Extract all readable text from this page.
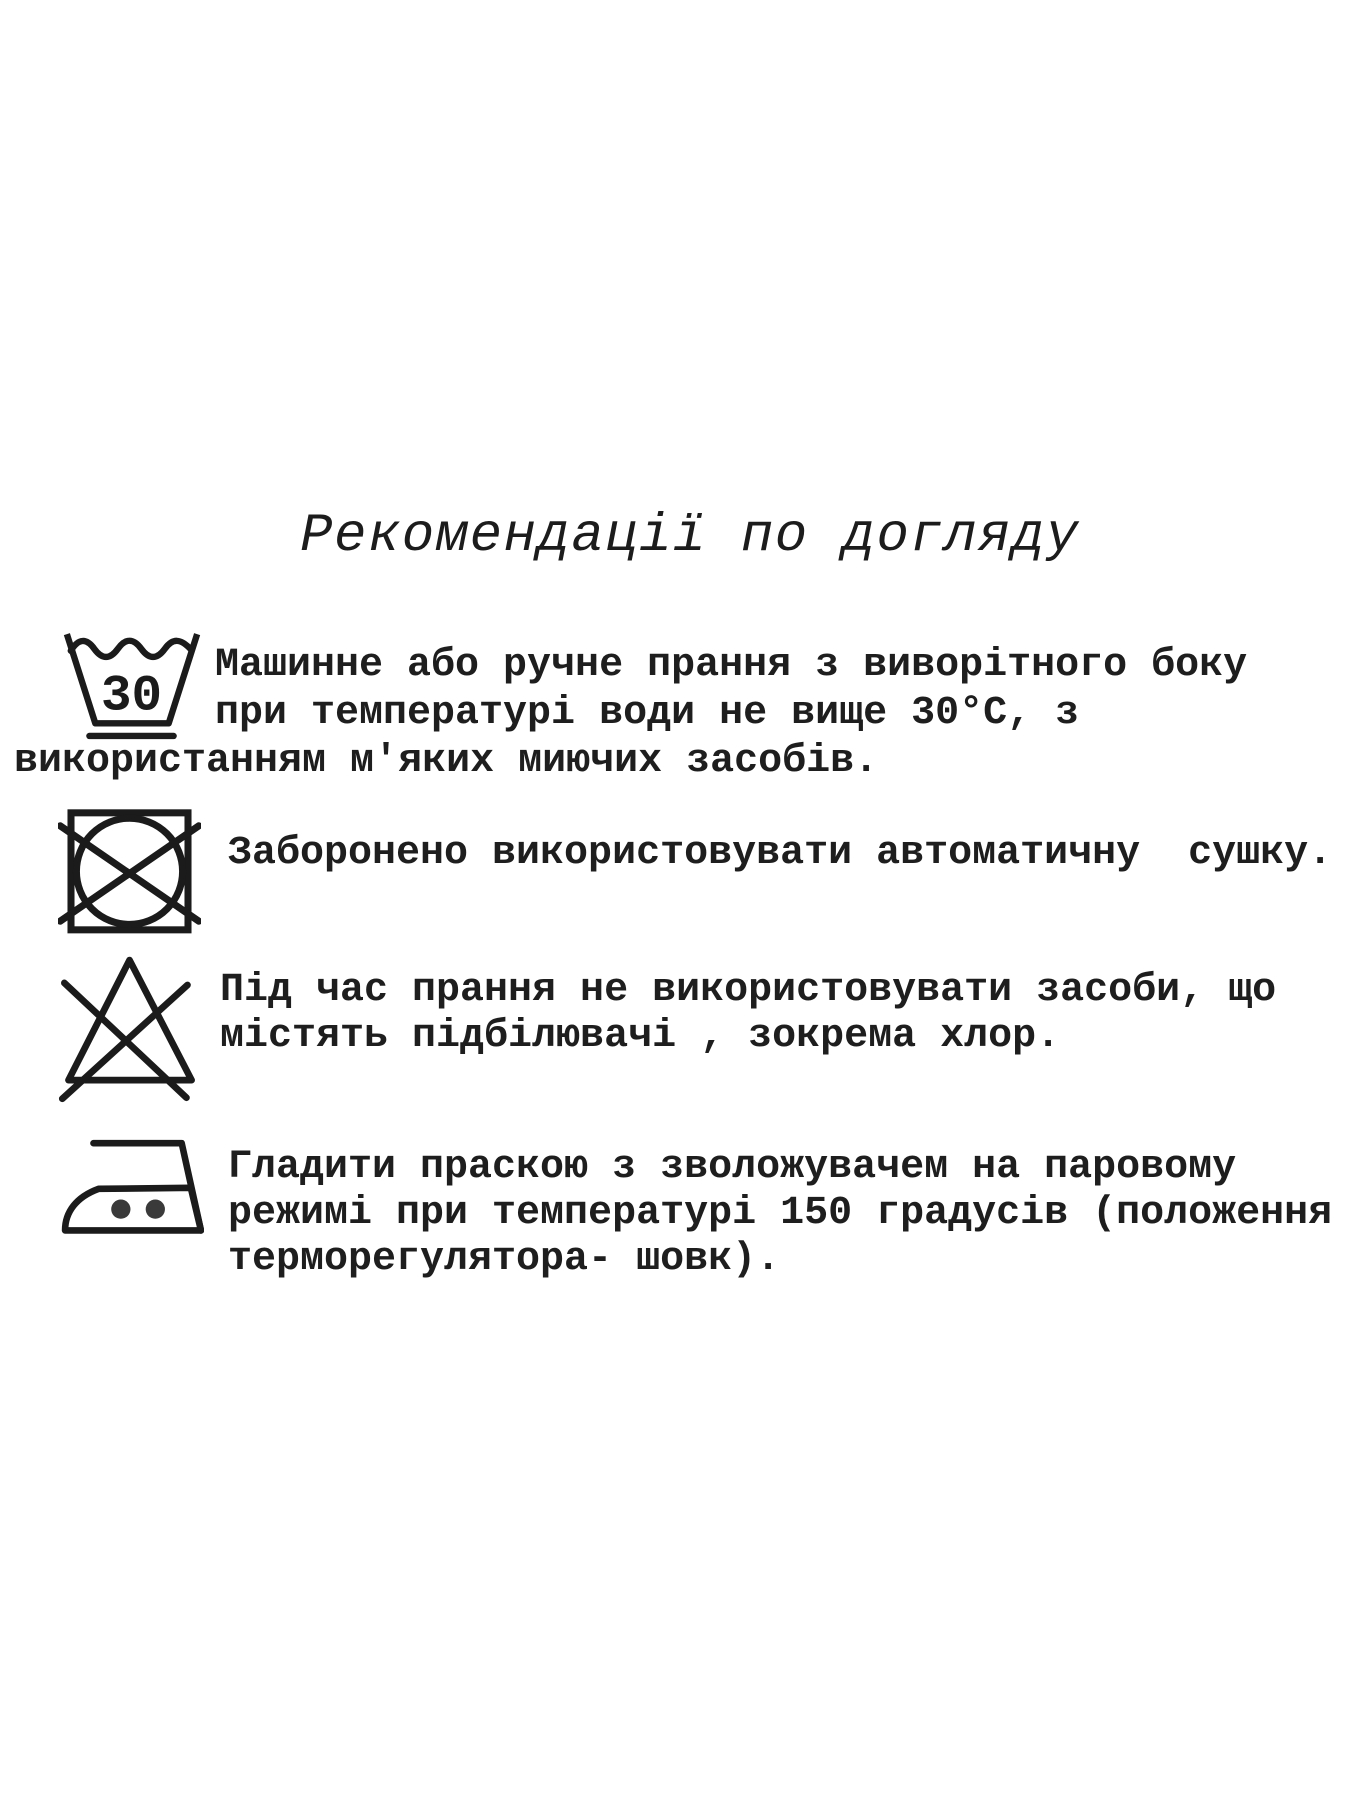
Рекомендації по догляду
30
Машинне або ручне прання з виворітного боку
при температурі води не вище 30°С, з
використанням м'яких миючих засобів.
Заборонено використовувати автоматичну  сушку.
Під час прання не використовувати засоби, що
містять підбілювачі , зокрема хлор.
Гладити праскою з зволожувачем на паровому
режимі при температурі 150 градусів (положення
терморегулятора- шовк).
